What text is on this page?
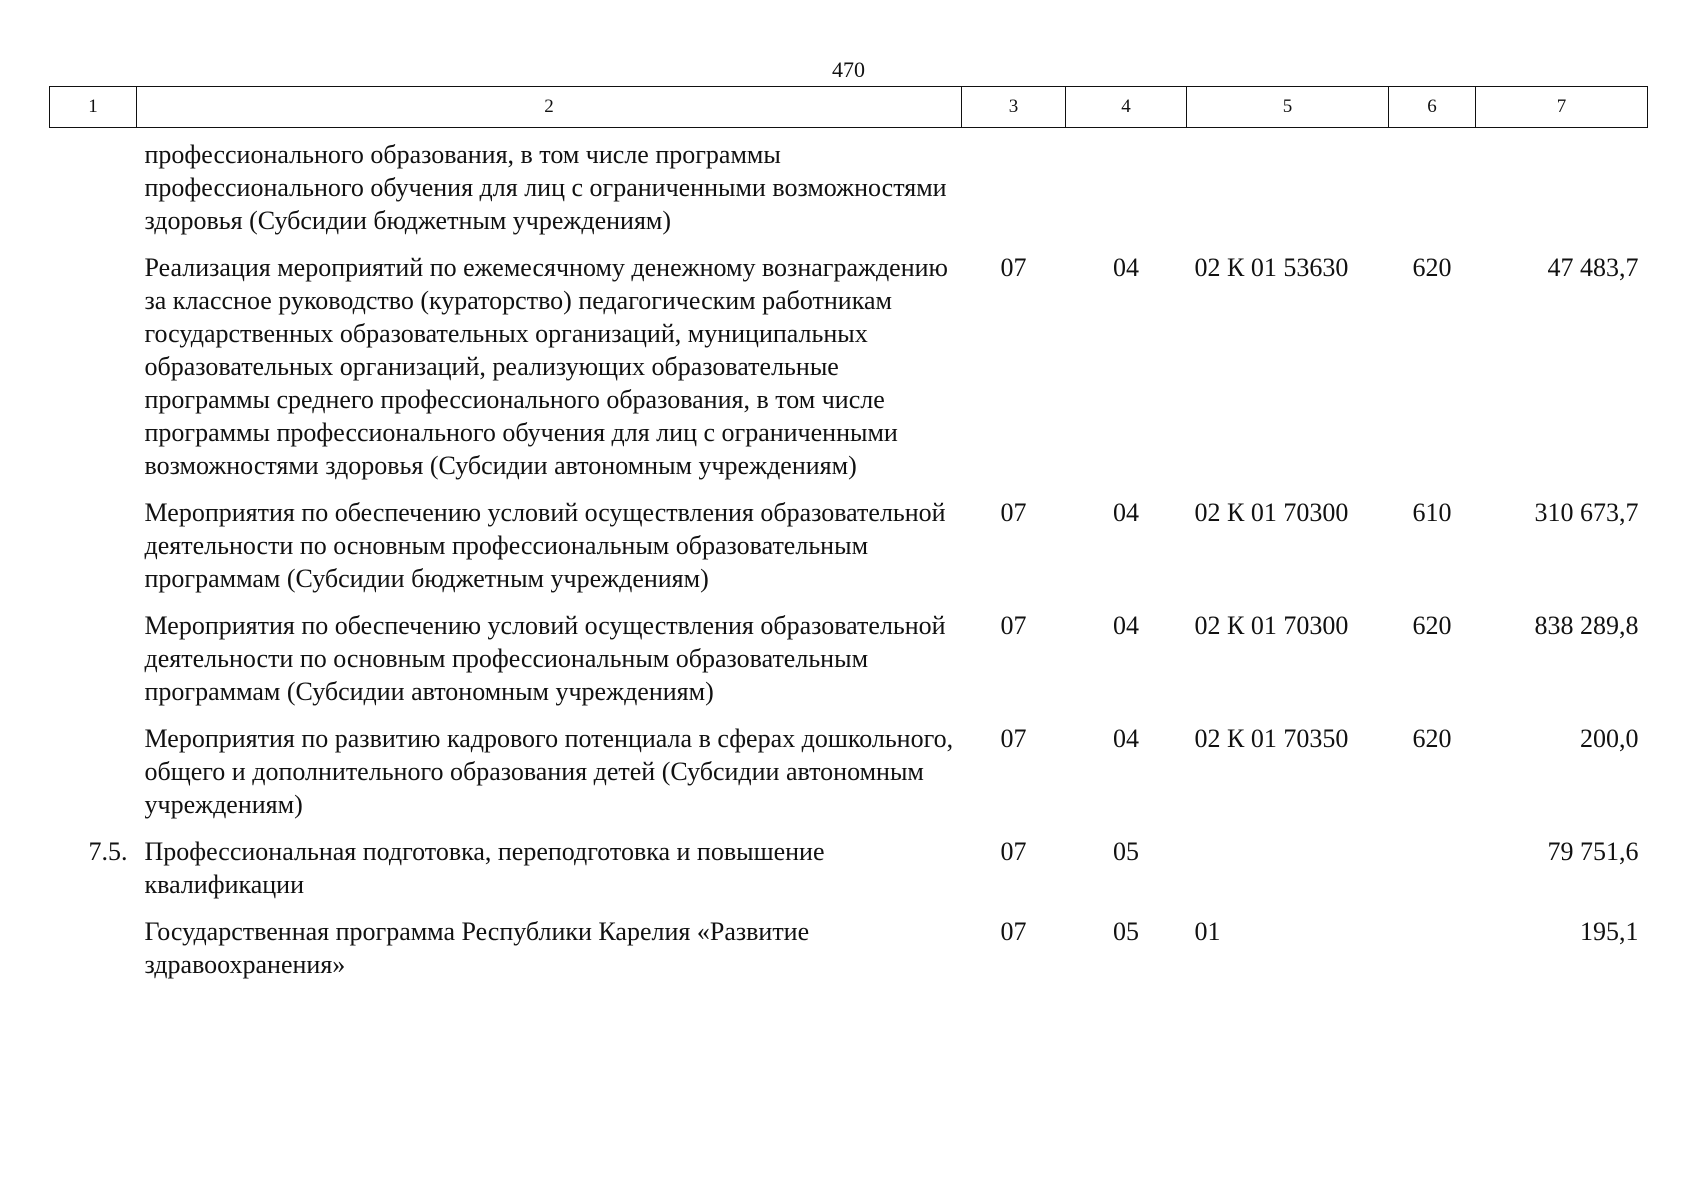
470
1	2	3	4	5	6	7
	профессионального образования, в том числе программы профессионального обучения для лиц с ограниченными возможностями здоровья (Субсидии бюджетным учреждениям)					
	Реализация мероприятий по ежемесячному денежному вознаграждению за классное руководство (кураторство) педагогическим работникам государственных образовательных организаций, муниципальных образовательных организаций, реализующих образовательные программы среднего профессионального образования, в том числе программы профессионального обучения для лиц с ограниченными возможностями здоровья (Субсидии автономным учреждениям)	07	04	02 К 01 53630	620	47 483,7
	Мероприятия по обеспечению условий осуществления образовательной деятельности по основным профессиональным образовательным программам (Субсидии бюджетным учреждениям)	07	04	02 К 01 70300	610	310 673,7
	Мероприятия по обеспечению условий осуществления образовательной деятельности по основным профессиональным образовательным программам (Субсидии автономным учреждениям)	07	04	02 К 01 70300	620	838 289,8
	Мероприятия по развитию кадрового потенциала в сферах дошкольного, общего и дополнительного образования детей (Субсидии автономным учреждениям)	07	04	02 К 01 70350	620	200,0
7.5.	Профессиональная подготовка, переподготовка и повышение квалификации	07	05			79 751,6
	Государственная программа Республики Карелия «Развитие здравоохранения»	07	05	01		195,1
